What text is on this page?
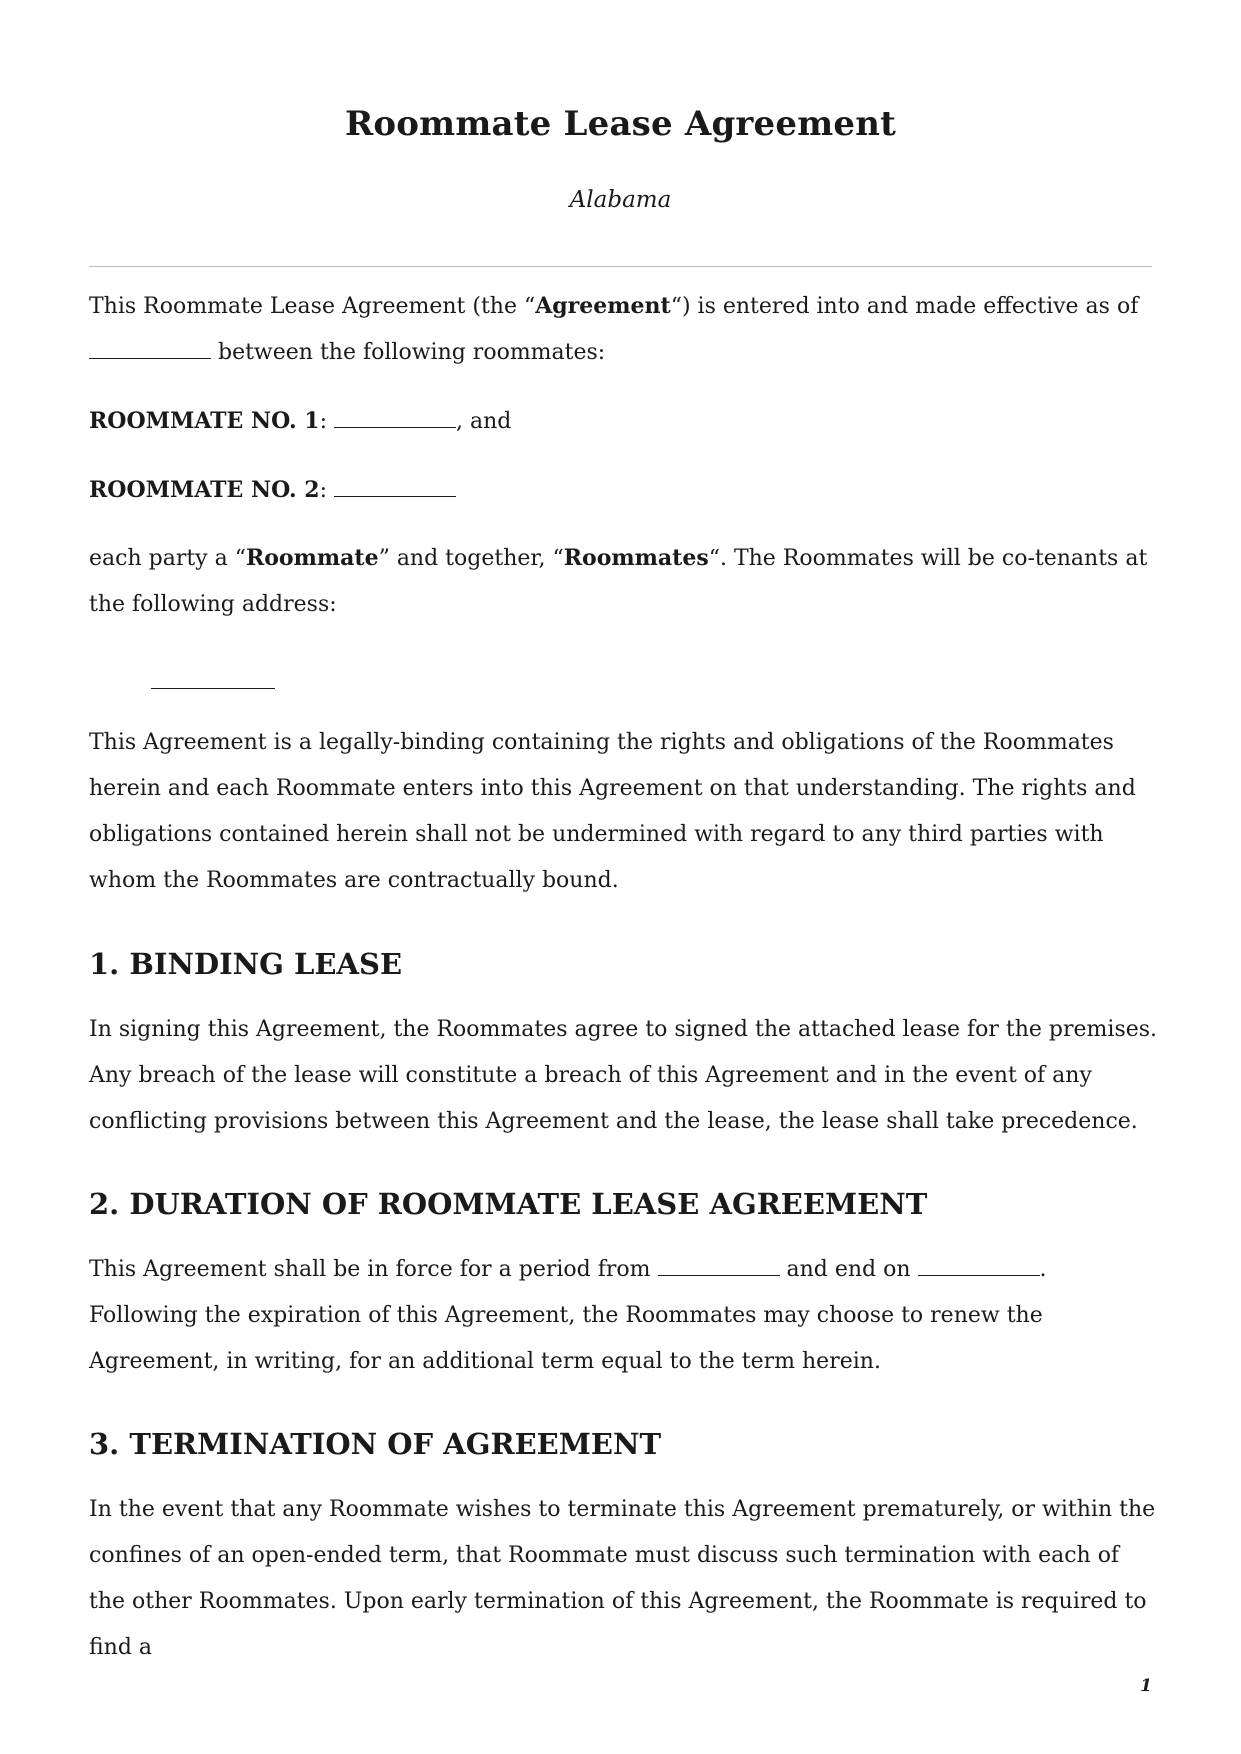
Roommate Lease Agreement

Alabama

This Roommate Lease Agreement (the “Agreement“) is entered into and made effective as of
between the following roommates:

ROOMMATE NO. 1:	, and

ROOMMATE NO. 2:

each party a “Roommate” and together, “Roommates“. The Roommates will be co-tenants at the following address:

This Agreement is a legally-binding containing the rights and obligations of the Roommates herein and each Roommate enters into this Agreement on that understanding. The rights and obligations contained herein shall not be undermined with regard to any third parties with whom the Roommates are contractually bound.

1. BINDING LEASE

In signing this Agreement, the Roommates agree to signed the attached lease for the premises. Any breach of the lease will constitute a breach of this Agreement and in the event of any conflicting provisions between this Agreement and the lease, the lease shall take precedence.

2. DURATION OF ROOMMATE LEASE AGREEMENT

This Agreement shall be in force for a period from	and end on	. Following the expiration of this Agreement, the Roommates may choose to renew the Agreement, in writing, for an additional term equal to the term herein.

3. TERMINATION OF AGREEMENT

In the event that any Roommate wishes to terminate this Agreement prematurely, or within the confines of an open-ended term, that Roommate must discuss such termination with each of the other Roommates. Upon early termination of this Agreement, the Roommate is required to find a

1
